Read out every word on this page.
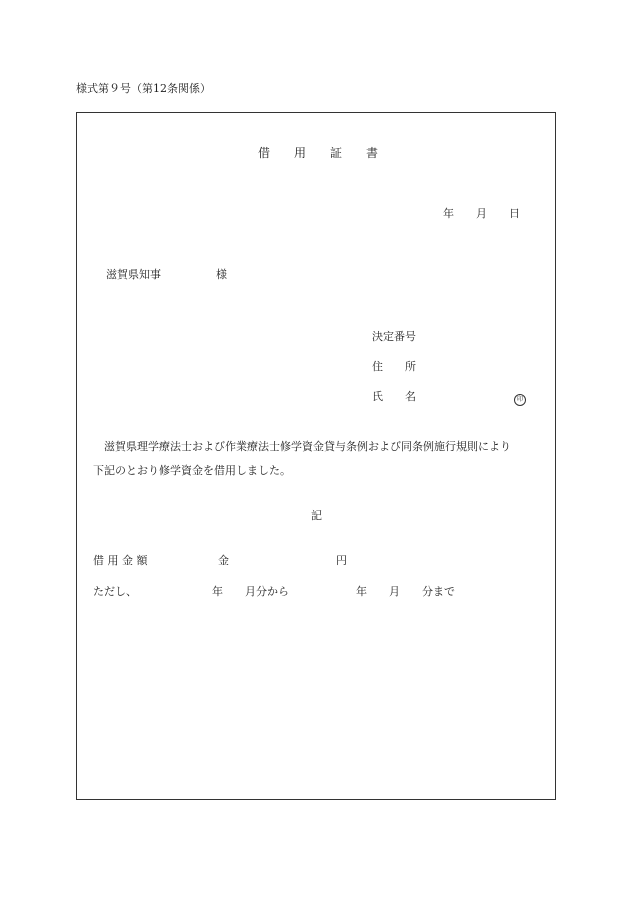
様式第９号（第12条関係）
借　　用　　証　　書
年　　月　　日
滋賀県知事　　　　　様
決定番号
住　　所
氏　　名	印
　滋賀県理学療法士および作業療法士修学資金貸与条例および同条例施行規則により
下記のとおり修学資金を借用しました。
記
借 用 金 額	金	円
ただし、	年　　月分から	年　　月　　分まで
